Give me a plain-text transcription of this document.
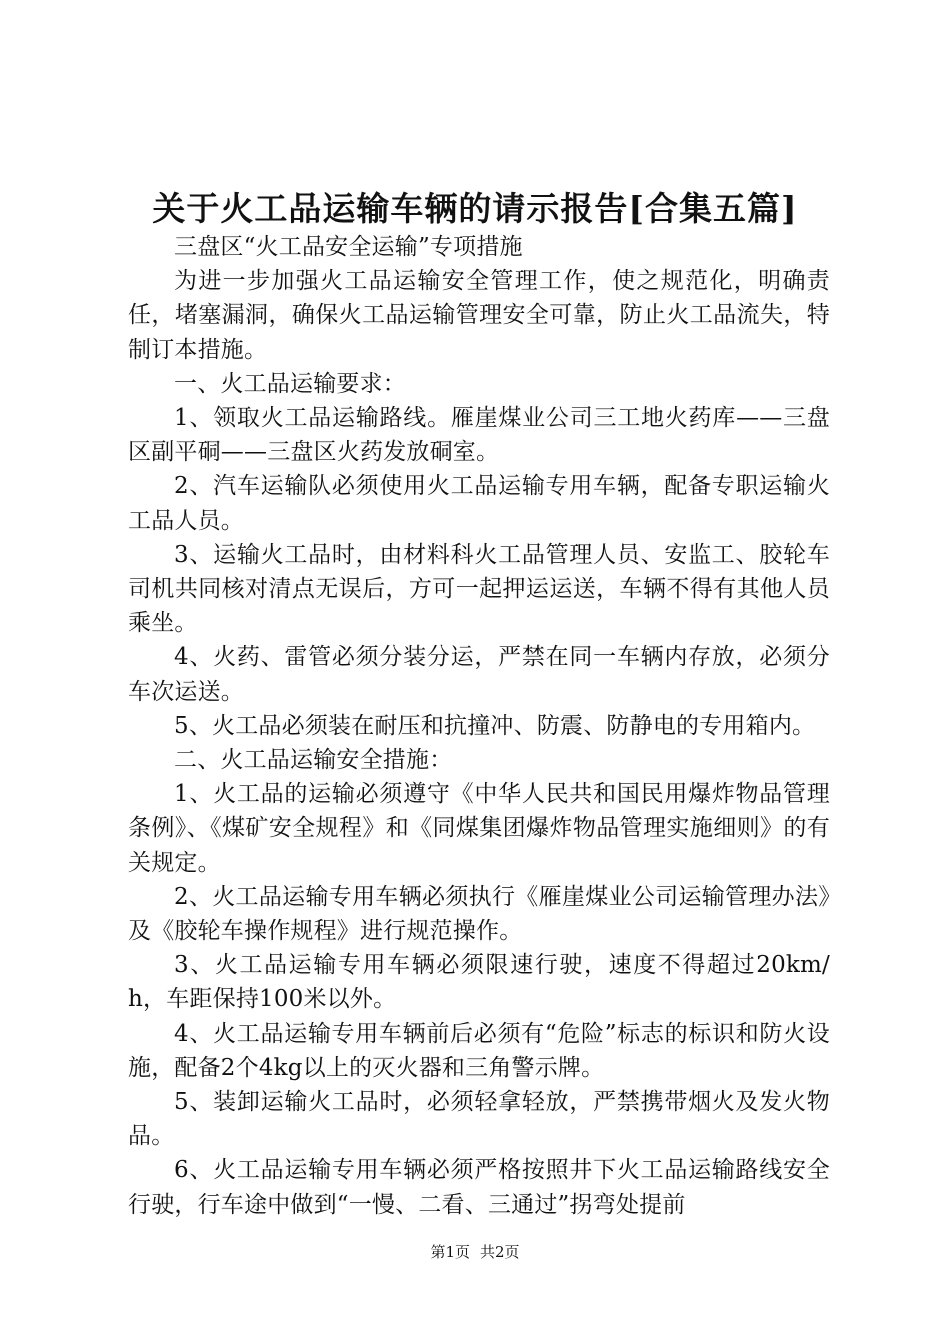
关于火工品运输车辆的请示报告[合集五篇]

三盘区“火工品安全运输”专项措施

为进一步加强火工品运输安全管理工作，使之规范化，明确责任，堵塞漏洞，确保火工品运输管理安全可靠，防止火工品流失，特制订本措施。

一、火工品运输要求：

1、领取火工品运输路线。雁崖煤业公司三工地火药库——三盘区副平硐——三盘区火药发放硐室。

2、汽车运输队必须使用火工品运输专用车辆，配备专职运输火工品人员。

3、运输火工品时，由材料科火工品管理人员、安监工、胶轮车司机共同核对清点无误后，方可一起押运运送，车辆不得有其他人员乘坐。

4、火药、雷管必须分装分运，严禁在同一车辆内存放，必须分车次运送。

5、火工品必须装在耐压和抗撞冲、防震、防静电的专用箱内。

二、火工品运输安全措施：

1、火工品的运输必须遵守《中华人民共和国民用爆炸物品管理条例》、《煤矿安全规程》和《同煤集团爆炸物品管理实施细则》的有关规定。

2、火工品运输专用车辆必须执行《雁崖煤业公司运输管理办法》及《胶轮车操作规程》进行规范操作。

3、火工品运输专用车辆必须限速行驶，速度不得超过20km/h，车距保持100米以外。

4、火工品运输专用车辆前后必须有“危险”标志的标识和防火设施，配备2个4kg以上的灭火器和三角警示牌。

5、装卸运输火工品时，必须轻拿轻放，严禁携带烟火及发火物品。

6、火工品运输专用车辆必须严格按照井下火工品运输路线安全行驶，行车途中做到“一慢、二看、三通过”拐弯处提前

第1页 共2页
